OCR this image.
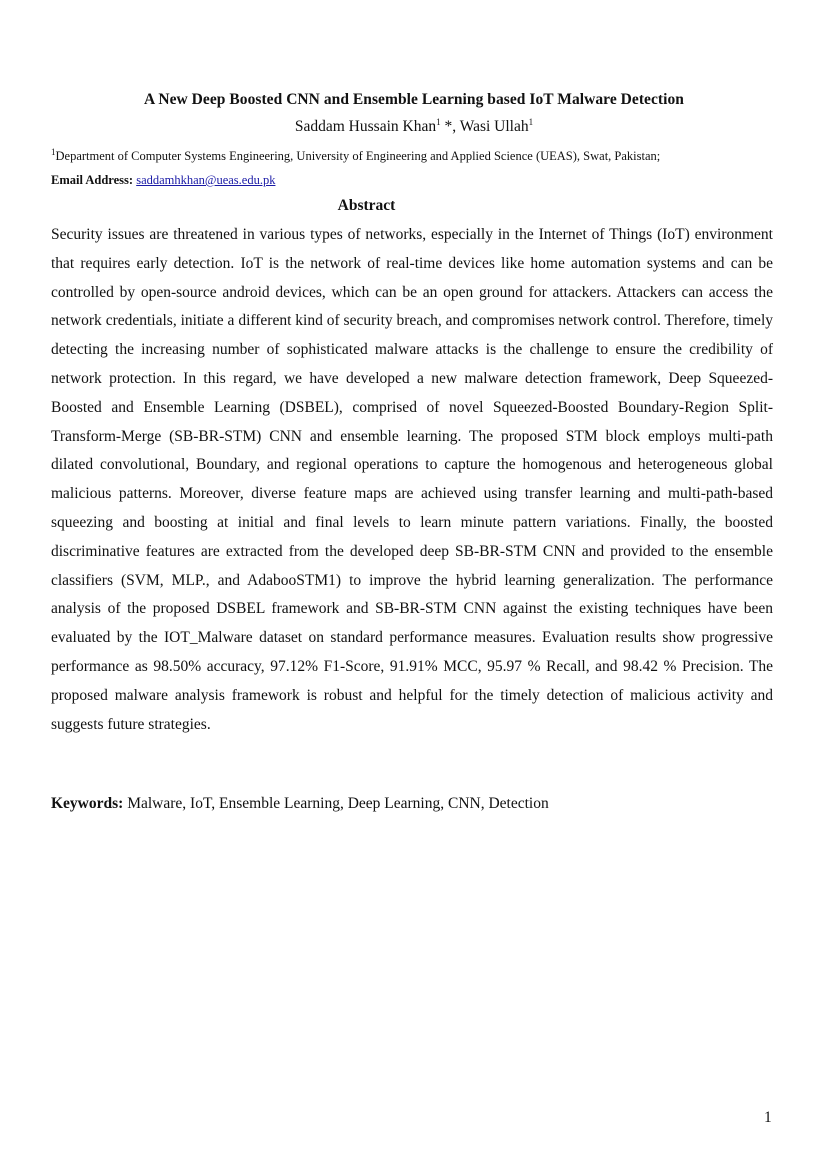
A New Deep Boosted CNN and Ensemble Learning based IoT Malware Detection
Saddam Hussain Khan$^1$ *, Wasi Ullah$^1$
$^1$Department of Computer Systems Engineering, University of Engineering and Applied Science (UEAS), Swat, Pakistan;
Email Address: saddamhkhan@ueas.edu.pk
Abstract
Security issues are threatened in various types of networks, especially in the Internet of Things (IoT) environment that requires early detection. IoT is the network of real-time devices like home automation systems and can be controlled by open-source android devices, which can be an open ground for attackers. Attackers can access the network credentials, initiate a different kind of security breach, and compromises network control. Therefore, timely detecting the increasing number of sophisticated malware attacks is the challenge to ensure the credibility of network protection. In this regard, we have developed a new malware detection framework, Deep Squeezed-Boosted and Ensemble Learning (DSBEL), comprised of novel Squeezed-Boosted Boundary-Region Split-Transform-Merge (SB-BR-STM) CNN and ensemble learning. The proposed STM block employs multi-path dilated convolutional, Boundary, and regional operations to capture the homogenous and heterogeneous global malicious patterns. Moreover, diverse feature maps are achieved using transfer learning and multi-path-based squeezing and boosting at initial and final levels to learn minute pattern variations. Finally, the boosted discriminative features are extracted from the developed deep SB-BR-STM CNN and provided to the ensemble classifiers (SVM, MLP., and AdabooSTM1) to improve the hybrid learning generalization. The performance analysis of the proposed DSBEL framework and SB-BR-STM CNN against the existing techniques have been evaluated by the IOT_Malware dataset on standard performance measures. Evaluation results show progressive performance as 98.50% accuracy, 97.12% F1-Score, 91.91% MCC, 95.97 % Recall, and 98.42 % Precision. The proposed malware analysis framework is robust and helpful for the timely detection of malicious activity and suggests future strategies.
Keywords: Malware, IoT, Ensemble Learning, Deep Learning, CNN, Detection
1
